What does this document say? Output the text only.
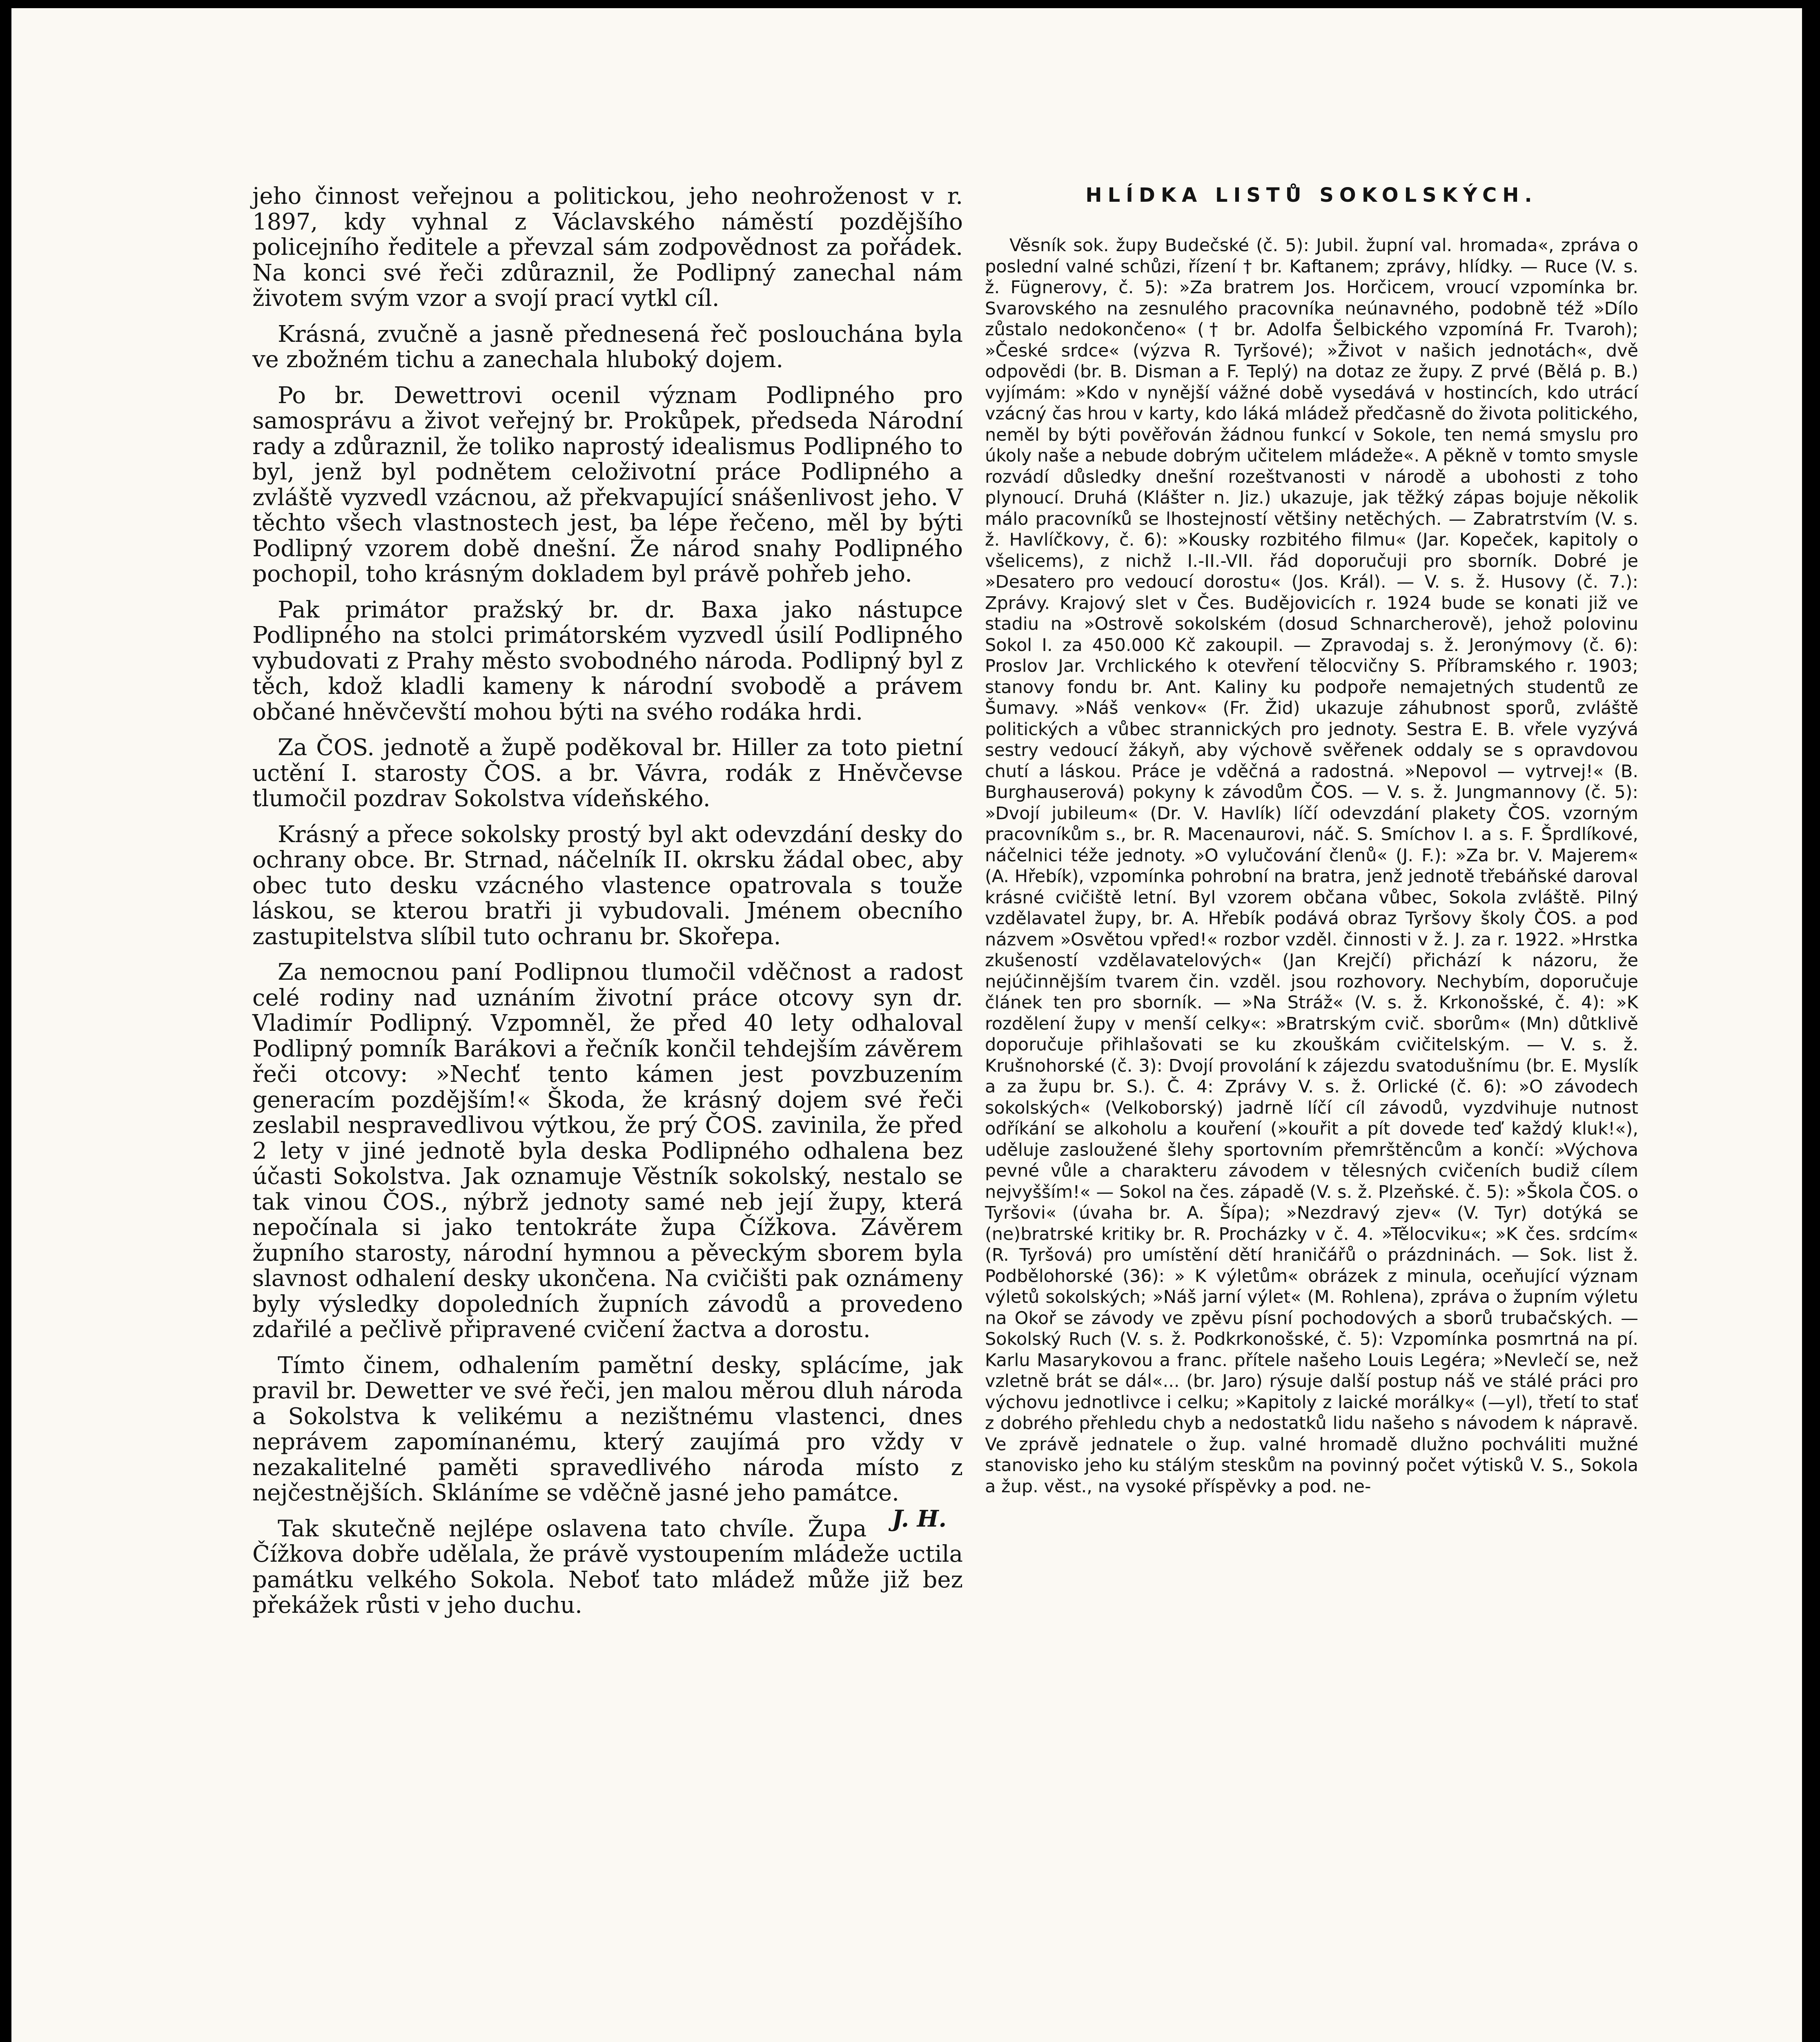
jeho činnost veřejnou a politickou, jeho neohroženost v r. 1897, kdy vyhnal z Václavského náměstí pozdějšího policejního ředitele a převzal sám zodpovědnost za pořádek. Na konci své řeči zdůraznil, že Podlipný zanechal nám životem svým vzor a svojí prací vytkl cíl.

Krásná, zvučně a jasně přednesená řeč poslouchána byla ve zbožném tichu a zanechala hluboký dojem.

Po br. Dewettrovi ocenil význam Podlipného pro samosprávu a život veřejný br. Prokůpek, předseda Národní rady a zdůraznil, že toliko naprostý idealismus Podlipného to byl, jenž byl podnětem celoživotní práce Podlipného a zvláště vyzvedl vzácnou, až překvapující snášenlivost jeho. V těchto všech vlastnostech jest, ba lépe řečeno, měl by býti Podlipný vzorem době dnešní. Že národ snahy Podlipného pochopil, toho krásným dokladem byl právě pohřeb jeho.

Pak primátor pražský br. dr. Baxa jako nástupce Podlipného na stolci primátorském vyzvedl úsilí Podlipného vybudovati z Prahy město svobodného národa. Podlipný byl z těch, kdož kladli kameny k národní svobodě a právem občané hněvčevští mohou býti na svého rodáka hrdi.

Za ČOS. jednotě a župě poděkoval br. Hiller za toto pietní uctění I. starosty ČOS. a br. Vávra, rodák z Hněvčevse tlumočil pozdrav Sokolstva vídeňského.

Krásný a přece sokolsky prostý byl akt odevzdání desky do ochrany obce. Br. Strnad, náčelník II. okrsku žádal obec, aby obec tuto desku vzácného vlastence opatrovala s touže láskou, se kterou bratři ji vybudovali. Jménem obecního zastupitelstva slíbil tuto ochranu br. Skořepa.

Za nemocnou paní Podlipnou tlumočil vděčnost a radost celé rodiny nad uznáním životní práce otcovy syn dr. Vladimír Podlipný. Vzpomněl, že před 40 lety odhaloval Podlipný pomník Barákovi a řečník končil tehdejším závěrem řeči otcovy: »Nechť tento kámen jest povzbuzením generacím pozdějším!« Škoda, že krásný dojem své řeči zeslabil nespravedlivou výtkou, že prý ČOS. zavinila, že před 2 lety v jiné jednotě byla deska Podlipného odhalena bez účasti Sokolstva. Jak oznamuje Věstník sokolský, nestalo se tak vinou ČOS., nýbrž jednoty samé neb její župy, která nepočínala si jako tentokráte župa Čížkova. Závěrem župního starosty, národní hymnou a pěveckým sborem byla slavnost odhalení desky ukončena. Na cvičišti pak oznámeny byly výsledky dopoledních župních závodů a provedeno zdařilé a pečlivě připravené cvičení žactva a dorostu.

Tímto činem, odhalením pamětní desky, splácíme, jak pravil br. Dewetter ve své řeči, jen malou měrou dluh národa a Sokolstva k velikému a nezištnému vlastenci, dnes neprávem zapomínanému, který zaujímá pro vždy v nezakalitelné paměti spravedlivého národa místo z nejčestnějších. Skláníme se vděčně jasné jeho památce.
J. H.

Tak skutečně nejlépe oslavena tato chvíle. Župa Čížkova dobře udělala, že právě vystoupením mládeže uctila památku velkého Sokola. Neboť tato mládež může již bez překážek růsti v jeho duchu.

HLÍDKA LISTŮ SOKOLSKÝCH.

Věsník sok. župy Budečské (č. 5): Jubil. župní val. hromada«, zpráva o poslední valné schůzi, řízení † br. Kaftanem; zprávy, hlídky. — Ruce (V. s. ž. Fügnerovy, č. 5): »Za bratrem Jos. Horčicem, vroucí vzpomínka br. Svarovského na zesnulého pracovníka neúnavného, podobně též »Dílo zůstalo nedokončeno« († br. Adolfa Šelbického vzpomíná Fr. Tvaroh); »České srdce« (výzva R. Tyršové); »Život v našich jednotách«, dvě odpovědi (br. B. Disman a F. Teplý) na dotaz ze župy. Z prvé (Bělá p. B.) vyjímám: »Kdo v nynější vážné době vysedává v hostincích, kdo utrácí vzácný čas hrou v karty, kdo láká mládež předčasně do života politického, neměl by býti pověřován žádnou funkcí v Sokole, ten nemá smyslu pro úkoly naše a nebude dobrým učitelem mládeže«. A pěkně v tomto smysle rozvádí důsledky dnešní rozeštvanosti v národě a ubohosti z toho plynoucí. Druhá (Klášter n. Jiz.) ukazuje, jak těžký zápas bojuje několik málo pracovníků se lhostejností většiny netěchých. — Zabratrstvím (V. s. ž. Havlíčkovy, č. 6): »Kousky rozbitého filmu« (Jar. Kopeček, kapitoly o všelicems), z nichž I.-II.-VII. řád doporučuji pro sborník. Dobré je »Desatero pro vedoucí dorostu« (Jos. Král). — V. s. ž. Husovy (č. 7.): Zprávy. Krajový slet v Čes. Budějovicích r. 1924 bude se konati již ve stadiu na »Ostrově sokolském (dosud Schnarcherově), jehož polovinu Sokol I. za 450.000 Kč zakoupil. — Zpravodaj s. ž. Jeronýmovy (č. 6): Proslov Jar. Vrchlického k otevření tělocvičny S. Příbramského r. 1903; stanovy fondu br. Ant. Kaliny ku podpoře nemajetných studentů ze Šumavy. »Náš venkov« (Fr. Žid) ukazuje záhubnost sporů, zvláště politických a vůbec strannických pro jednoty. Sestra E. B. vřele vyzývá sestry vedoucí žákyň, aby výchově svěřenek oddaly se s opravdovou chutí a láskou. Práce je vděčná a radostná. »Nepovol — vytrvej!« (B. Burghauserová) pokyny k závodům ČOS. — V. s. ž. Jungmannovy (č. 5): »Dvojí jubileum« (Dr. V. Havlík) líčí odevzdání plakety ČOS. vzorným pracovníkům s., br. R. Macenaurovi, náč. S. Smíchov I. a s. F. Šprdlíkové, náčelnici téže jednoty. »O vylučování členů« (J. F.): »Za br. V. Majerem« (A. Hřebík), vzpomínka pohrobní na bratra, jenž jednotě třebáňské daroval krásné cvičiště letní. Byl vzorem občana vůbec, Sokola zvláště. Pilný vzdělavatel župy, br. A. Hřebík podává obraz Tyršovy školy ČOS. a pod názvem »Osvětou vpřed!« rozbor vzděl. činnosti v ž. J. za r. 1922. »Hrstka zkušeností vzdělavatelových« (Jan Krejčí) přichází k názoru, že nejúčinnějším tvarem čin. vzděl. jsou rozhovory. Nechybím, doporučuje článek ten pro sborník. — »Na Stráž« (V. s. ž. Krkonošské, č. 4): »K rozdělení župy v menší celky«: »Bratrským cvič. sborům« (Mn) důtklivě doporučuje přihlašovati se ku zkouškám cvičitelským. — V. s. ž. Krušnohorské (č. 3): Dvojí provolání k zájezdu svatodušnímu (br. E. Myslík a za župu br. S.). Č. 4: Zprávy V. s. ž. Orlické (č. 6): »O závodech sokolských« (Velkoborský) jadrně líčí cíl závodů, vyzdvihuje nutnost odříkání se alkoholu a kouření (»kouřit a pít dovede teď každý kluk!«), uděluje zasloužené šlehy sportovním přemrštěncům a končí: »Výchova pevné vůle a charakteru závodem v tělesných cvičeních budiž cílem nejvyšším!« — Sokol na čes. západě (V. s. ž. Plzeňské. č. 5): »Škola ČOS. o Tyršovi« (úvaha br. A. Šípa); »Nezdravý zjev« (V. Tyr) dotýká se (ne)bratrské kritiky br. R. Procházky v č. 4. »Tělocviku«; »K čes. srdcím« (R. Tyršová) pro umístění dětí hraničářů o prázdninách. — Sok. list ž. Podbělohorské (36): » K výletům« obrázek z minula, oceňující význam výletů sokolských; »Náš jarní výlet« (M. Rohlena), zpráva o župním výletu na Okoř se závody ve zpěvu písní pochodových a sborů trubačských. — Sokolský Ruch (V. s. ž. Podkrkonošské, č. 5): Vzpomínka posmrtná na pí. Karlu Masarykovou a franc. přítele našeho Louis Legéra; »Nevlečí se, než vzletně brát se dál«... (br. Jaro) rýsuje další postup náš ve stálé práci pro výchovu jednotlivce i celku; »Kapitoly z laické morálky« (—yl), třetí to stať z dobrého přehledu chyb a nedostatků lidu našeho s návodem k nápravě. Ve zprávě jednatele o žup. valné hromadě dlužno pochváliti mužné stanovisko jeho ku stálým steskům na povinný počet výtisků V. S., Sokola a žup. věst., na vysoké příspěvky a pod. ne-
